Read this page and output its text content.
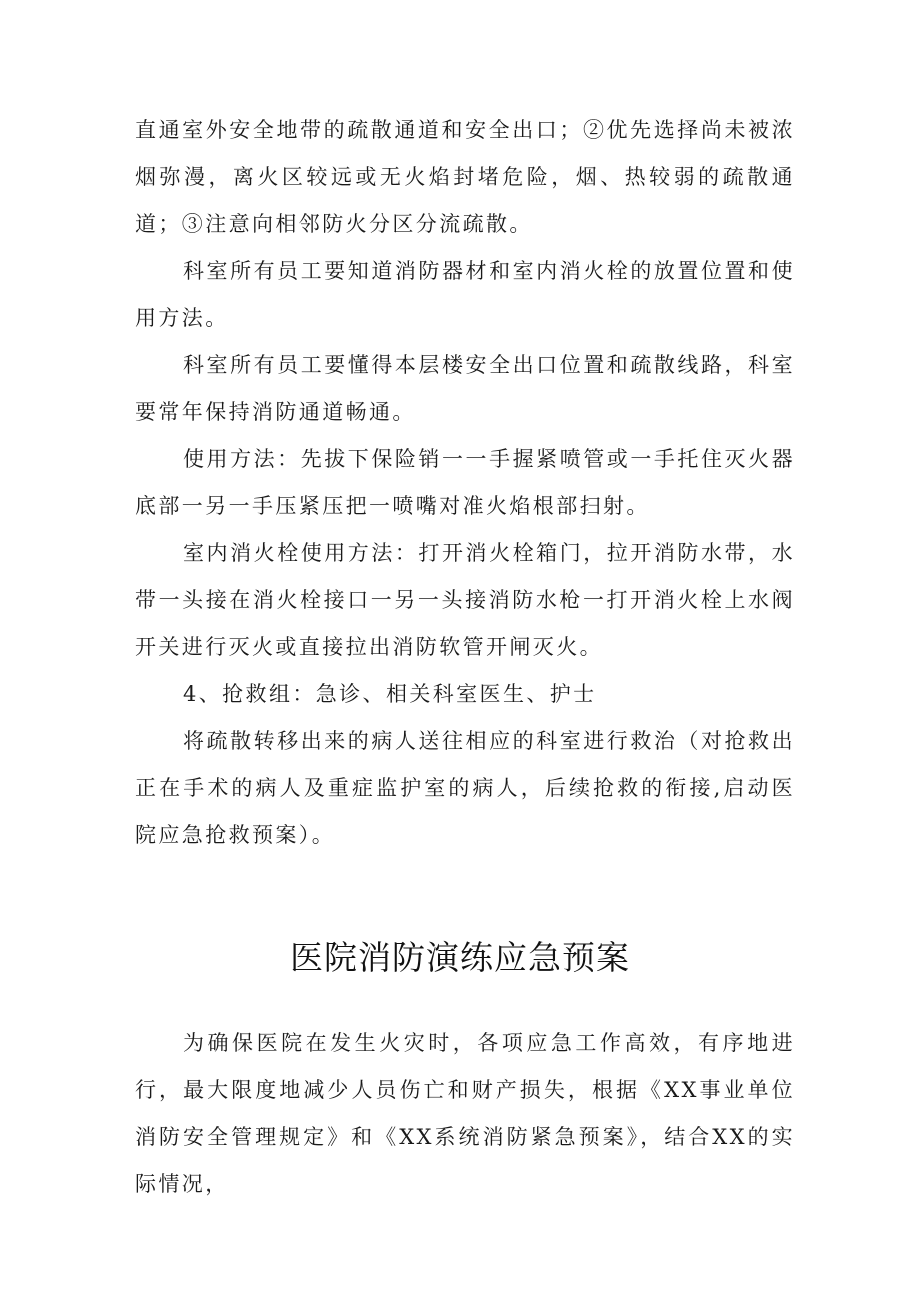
直通室外安全地带的疏散通道和安全出口；②优先选择尚未被浓烟弥漫，离火区较远或无火焰封堵危险，烟、热较弱的疏散通道；③注意向相邻防火分区分流疏散。

科室所有员工要知道消防器材和室内消火栓的放置位置和使用方法。

科室所有员工要懂得本层楼安全出口位置和疏散线路，科室要常年保持消防通道畅通。

使用方法：先拔下保险销一一手握紧喷管或一手托住灭火器底部一另一手压紧压把一喷嘴对准火焰根部扫射。

室内消火栓使用方法：打开消火栓箱门，拉开消防水带，水带一头接在消火栓接口一另一头接消防水枪一打开消火栓上水阀开关进行灭火或直接拉出消防软管开闸灭火。

4、抢救组：急诊、相关科室医生、护士

将疏散转移出来的病人送往相应的科室进行救治（对抢救出正在手术的病人及重症监护室的病人，后续抢救的衔接,启动医院应急抢救预案）。

医院消防演练应急预案

为确保医院在发生火灾时，各项应急工作高效，有序地进行，最大限度地减少人员伤亡和财产损失，根据《XX事业单位消防安全管理规定》和《XX系统消防紧急预案》，结合XX的实际情况，
